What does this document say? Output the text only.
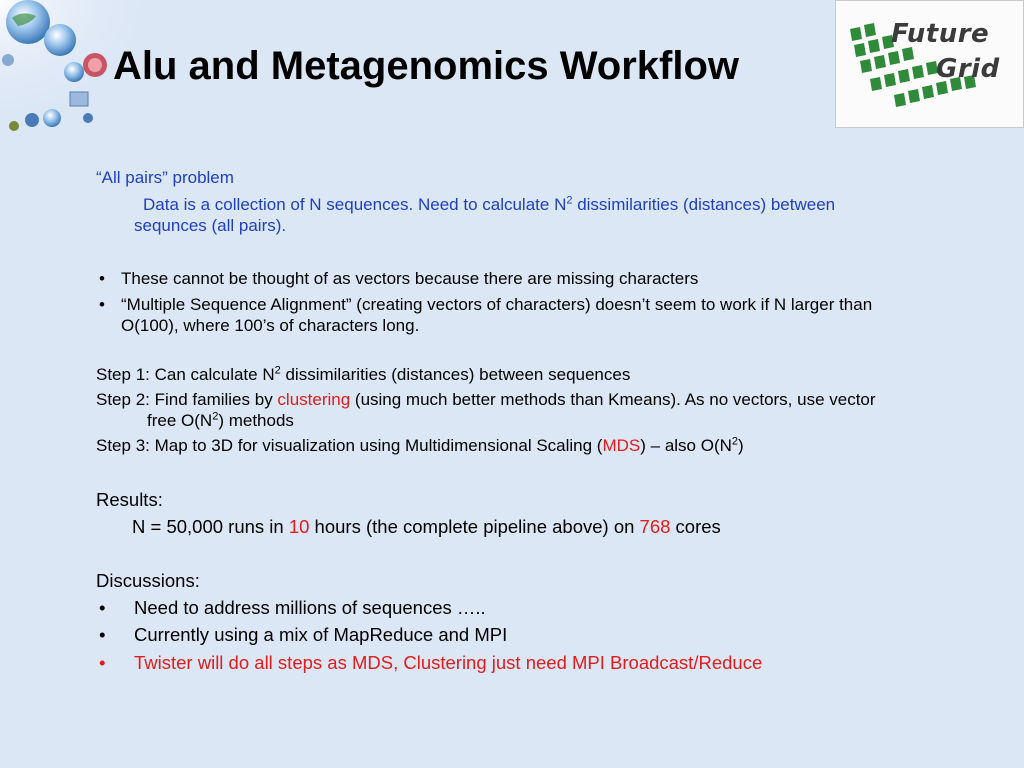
Alu and Metagenomics Workflow
Future
Grid
“All pairs” problem
Data is a collection of N sequences. Need to calculate $N^2$ dissimilarities (distances) between
sequnces (all pairs).
• These cannot be thought of as vectors because there are missing characters
• “Multiple Sequence Alignment” (creating vectors of characters) doesn’t seem to work if N larger than
O(100), where 100’s of characters long.
Step 1: Can calculate $N^2$ dissimilarities (distances) between sequences
Step 2: Find families by clustering (using much better methods than Kmeans). As no vectors, use vector
free $O(N^2)$ methods
Step 3: Map to 3D for visualization using Multidimensional Scaling (MDS) – also $O(N^2)$
Results:
N = 50,000 runs in 10 hours (the complete pipeline above) on 768 cores
Discussions:
• Need to address millions of sequences …..
• Currently using a mix of MapReduce and MPI
• Twister will do all steps as MDS, Clustering just need MPI Broadcast/Reduce
